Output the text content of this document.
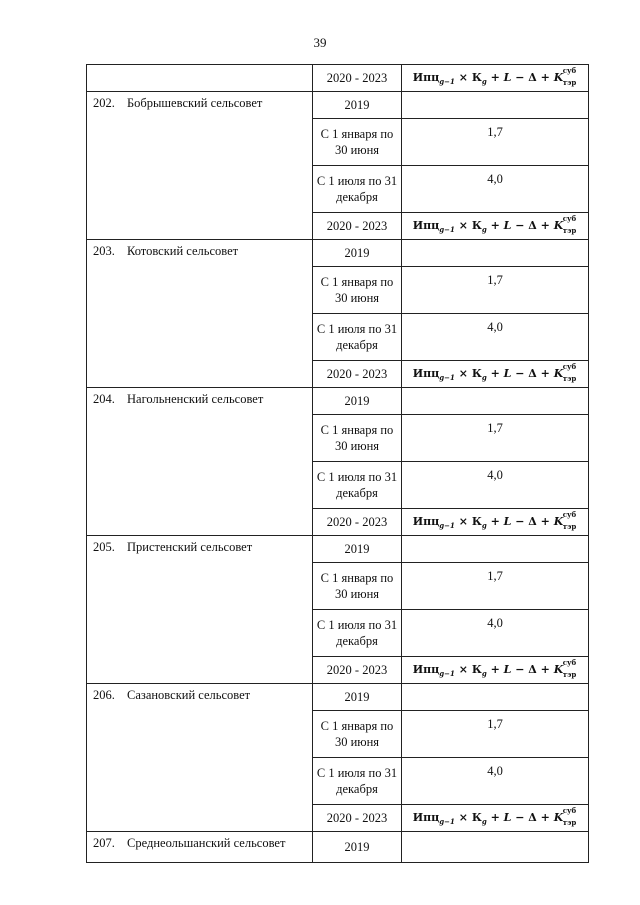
39
	2020 - 2023	$Ипц_{g-1} \times К_g + L - \Delta + K$
суб
тэр

202. Бобрышевский сельсовет	2019	
	С 1 января по 30 июня	1,7
	С 1 июля по 31 декабря	4,0
	2020 - 2023	$Ипц_{g-1} \times К_g + L - \Delta + K$
суб
тэр

203. Котовский сельсовет	2019	
	С 1 января по 30 июня	1,7
	С 1 июля по 31 декабря	4,0
	2020 - 2023	$Ипц_{g-1} \times К_g + L - \Delta + K$
суб
тэр

204. Нагольненский сельсовет	2019	
	С 1 января по 30 июня	1,7
	С 1 июля по 31 декабря	4,0
	2020 - 2023	$Ипц_{g-1} \times К_g + L - \Delta + K$
суб
тэр

205. Пристенский сельсовет	2019	
	С 1 января по 30 июня	1,7
	С 1 июля по 31 декабря	4,0
	2020 - 2023	$Ипц_{g-1} \times К_g + L - \Delta + K$
суб
тэр

206. Сазановский сельсовет	2019	
	С 1 января по 30 июня	1,7
	С 1 июля по 31 декабря	4,0
	2020 - 2023	$Ипц_{g-1} \times К_g + L - \Delta + K$
суб
тэр

207. Среднеольшанский сельсовет	2019	
